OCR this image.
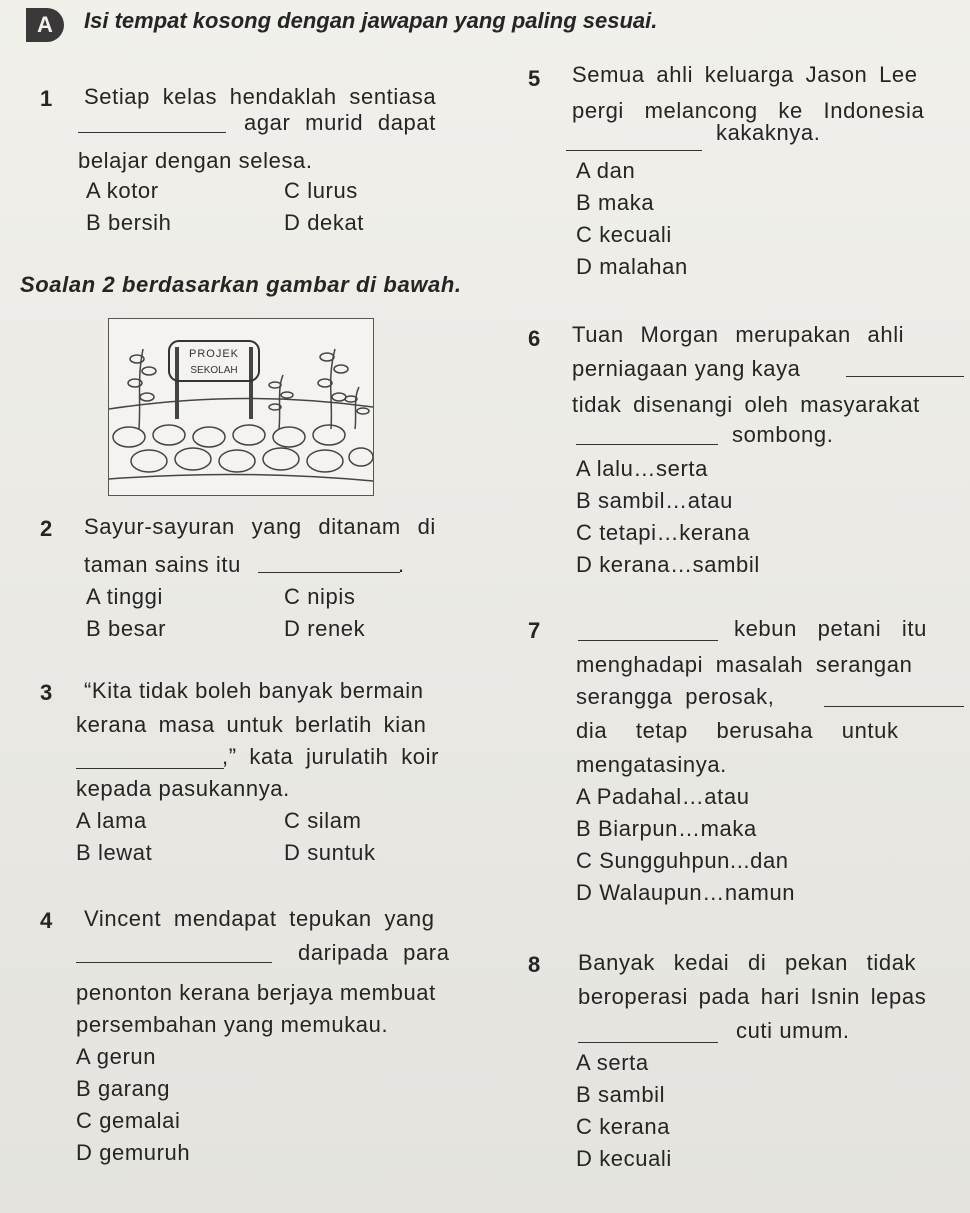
A	Isi tempat kosong dengan jawapan yang paling sesuai.
1 Setiap kelas hendaklah sentiasa
agar murid dapat
belajar dengan selesa.
A kotor
B bersih
C lurus
D dekat
Soalan 2 berdasarkan gambar di bawah.
PROJEK
SEKOLAH
2 Sayur-sayuran yang ditanam di
taman sains itu	.
A tinggi
B besar
C nipis
D renek
3 “Kita tidak boleh banyak bermain
kerana masa untuk berlatih kian
,” kata jurulatih koir
kepada pasukannya.
A lama
B lewat
C silam
D suntuk
4 Vincent mendapat tepukan yang
daripada para
penonton kerana berjaya membuat
persembahan yang memukau.
A gerun
B garang
C gemalai
D gemuruh
5 Semua ahli keluarga Jason Lee
pergi melancong ke Indonesia
kakaknya.
A dan
B maka
C kecuali
D malahan
6 Tuan Morgan merupakan ahli
perniagaan yang kaya
tidak disenangi oleh masyarakat
sombong.
A lalu…serta
B sambil…atau
C tetapi…kerana
D kerana…sambil
7	kebun petani itu
menghadapi masalah serangan
serangga perosak,
dia tetap berusaha untuk
mengatasinya.
A Padahal…atau
B Biarpun…maka
C Sungguhpun...dan
D Walaupun…namun
8 Banyak kedai di pekan tidak
beroperasi pada hari Isnin lepas
cuti umum.
A serta
B sambil
C kerana
D kecuali
